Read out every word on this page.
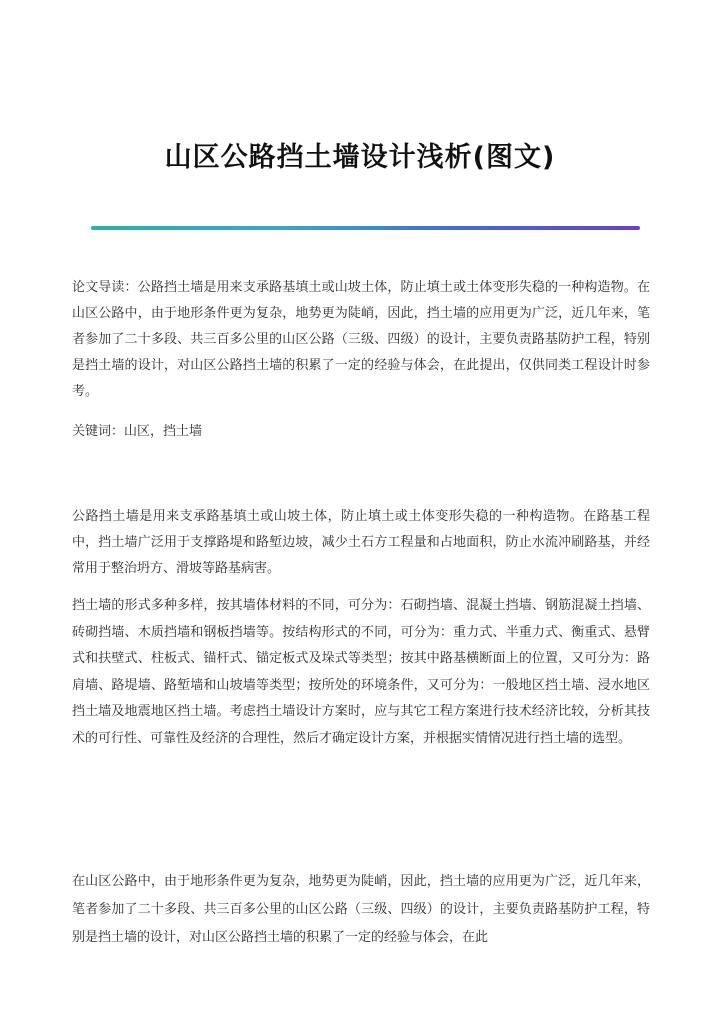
山区公路挡土墙设计浅析(图文)

论文导读：公路挡土墙是用来支承路基填土或山坡土体，防止填土或土体变形失稳的一种构造物。在山区公路中，由于地形条件更为复杂，地势更为陡峭，因此，挡土墙的应用更为广泛，近几年来，笔者参加了二十多段、共三百多公里的山区公路（三级、四级）的设计，主要负责路基防护工程，特别是挡土墙的设计，对山区公路挡土墙的积累了一定的经验与体会，在此提出，仅供同类工程设计时参考。

关键词：山区，挡土墙

公路挡土墙是用来支承路基填土或山坡土体，防止填土或土体变形失稳的一种构造物。在路基工程中，挡土墙广泛用于支撑路堤和路堑边坡，减少土石方工程量和占地面积，防止水流冲刷路基，并经常用于整治坍方、滑坡等路基病害。

挡土墙的形式多种多样，按其墙体材料的不同，可分为：石砌挡墙、混凝土挡墙、钢筋混凝土挡墙、砖砌挡墙、木质挡墙和钢板挡墙等。按结构形式的不同，可分为：重力式、半重力式、衡重式、悬臂式和扶壁式、柱板式、锚杆式、锚定板式及垛式等类型；按其中路基横断面上的位置，又可分为：路肩墙、路堤墙、路堑墙和山坡墙等类型；按所处的环境条件，又可分为：一般地区挡土墙、浸水地区挡土墙及地震地区挡土墙。考虑挡土墙设计方案时，应与其它工程方案进行技术经济比较，分析其技术的可行性、可靠性及经济的合理性，然后才确定设计方案，并根据实情情况进行挡土墙的选型。

在山区公路中，由于地形条件更为复杂，地势更为陡峭，因此，挡土墙的应用更为广泛，近几年来，笔者参加了二十多段、共三百多公里的山区公路（三级、四级）的设计，主要负责路基防护工程，特别是挡土墙的设计，对山区公路挡土墙的积累了一定的经验与体会，在此
